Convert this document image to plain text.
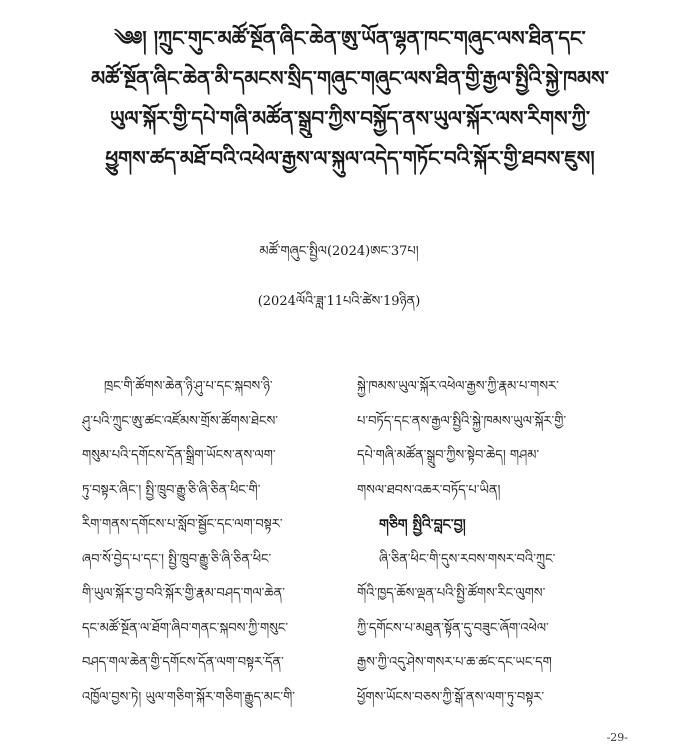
༄༅། །ཀྲུང་གུང་མཚོ་སྔོན་ཞིང་ཆེན་ཨུ་ཡོན་ལྷན་ཁང་གཞུང་ལས་ཐིན་དང་
མཚོ་སྔོན་ཞིང་ཆེན་མི་དམངས་སྲིད་གཞུང་གཞུང་ལས་ཐིན་གྱི་རྒྱལ་སྤྱིའི་སྐྱེ་ཁམས་
ཡུལ་སྐོར་གྱི་དཔེ་གཞི་མཚོན་སྒྲུབ་ཀྱིས་བསྐྱོད་ནས་ཡུལ་སྐོར་ལས་རིགས་ཀྱི་
ཕྱུགས་ཚད་མཐོ་བའི་འཕེལ་རྒྱས་ལ་སྐུལ་འདེད་གཏོང་བའི་སྐོར་གྱི་ཐབས་ཇུས།
མཚོ་གཞུང་སྤྱིལ(2024)ཨང་37པ།
(2024ལོའི་ཟླ་11པའི་ཚེས་19ཉིན)
ཁྲང་གི་ཚོགས་ཆེན་ཉི་ཤུ་པ་དང་སྐབས་ཉི་
ཤུ་པའི་ཀྲུང་ཨུ་ཚང་འཛོམས་གྲོས་ཚོགས་ཐེངས་
གསུམ་པའི་དགོངས་དོན་སྒྲིག་ཡོངས་ནས་ལག་
ཏུ་བསྟར་ཞིང་། སྤྱི་ཁྲུབ་རྒྱུ་ཅི་ཞི་ཅིན་ཕིང་གི་
རིག་གནས་དགོངས་པ་སློབ་སྦྱོང་དང་ལག་བསྟར་
ཞབ་སོ་བྱེད་པ་དང་། སྤྱི་ཁྲུབ་རྒྱུ་ཅི་ཞི་ཅིན་ཕིང་
གི་ཡུལ་སྐོར་བྱ་བའི་སྐོར་གྱི་རྣམ་བཤད་གལ་ཆེན་
དང་མཚོ་སྔོན་ལ་ཐོག་ཞིབ་གནང་སྐབས་ཀྱི་གསུང་
བཤད་གལ་ཆེན་གྱི་དགོངས་དོན་ལག་བསྟར་དོན་
འཁྱོལ་བྱས་ཏེ། ཡུལ་གཅིག་སྐོར་གཅིག་རྒྱུད་མང་གི་
སྐྱེ་ཁམས་ཡུལ་སྐོར་འཕེལ་རྒྱས་ཀྱི་རྣམ་པ་གསར་
པ་བཏོད་དང་ནས་རྒྱལ་སྤྱིའི་སྐྱེ་ཁམས་ཡུལ་སྐོར་གྱི་
དཔེ་གཞི་མཚོན་སྒྲུབ་ཀྱིས་སྟེབ་ཆེད། གཤམ་
གསལ་ཐབས་འཆར་བཏོད་པ་ཡིན།
གཅིག སྤྱིའི་བླང་བྱ།
ཞི་ཅིན་ཕིང་གི་དུས་རབས་གསར་བའི་ཀྲུང་
གོའི་ཁྱད་ཆོས་ལྡན་པའི་སྤྱི་ཚོགས་རིང་ལུགས་
ཀྱི་དགོངས་པ་མཐུན་སྟོན་དུ་བཟུང་ཞོག་འཕེལ་
རྒྱས་ཀྱི་འདུ་ཤེས་གསར་པ་ཆ་ཚང་དང་ཡང་དག
ཕྱོགས་ཡོངས་བཅས་ཀྱི་སྒོ་ནས་ལག་ཏུ་བསྟར་
-29-
